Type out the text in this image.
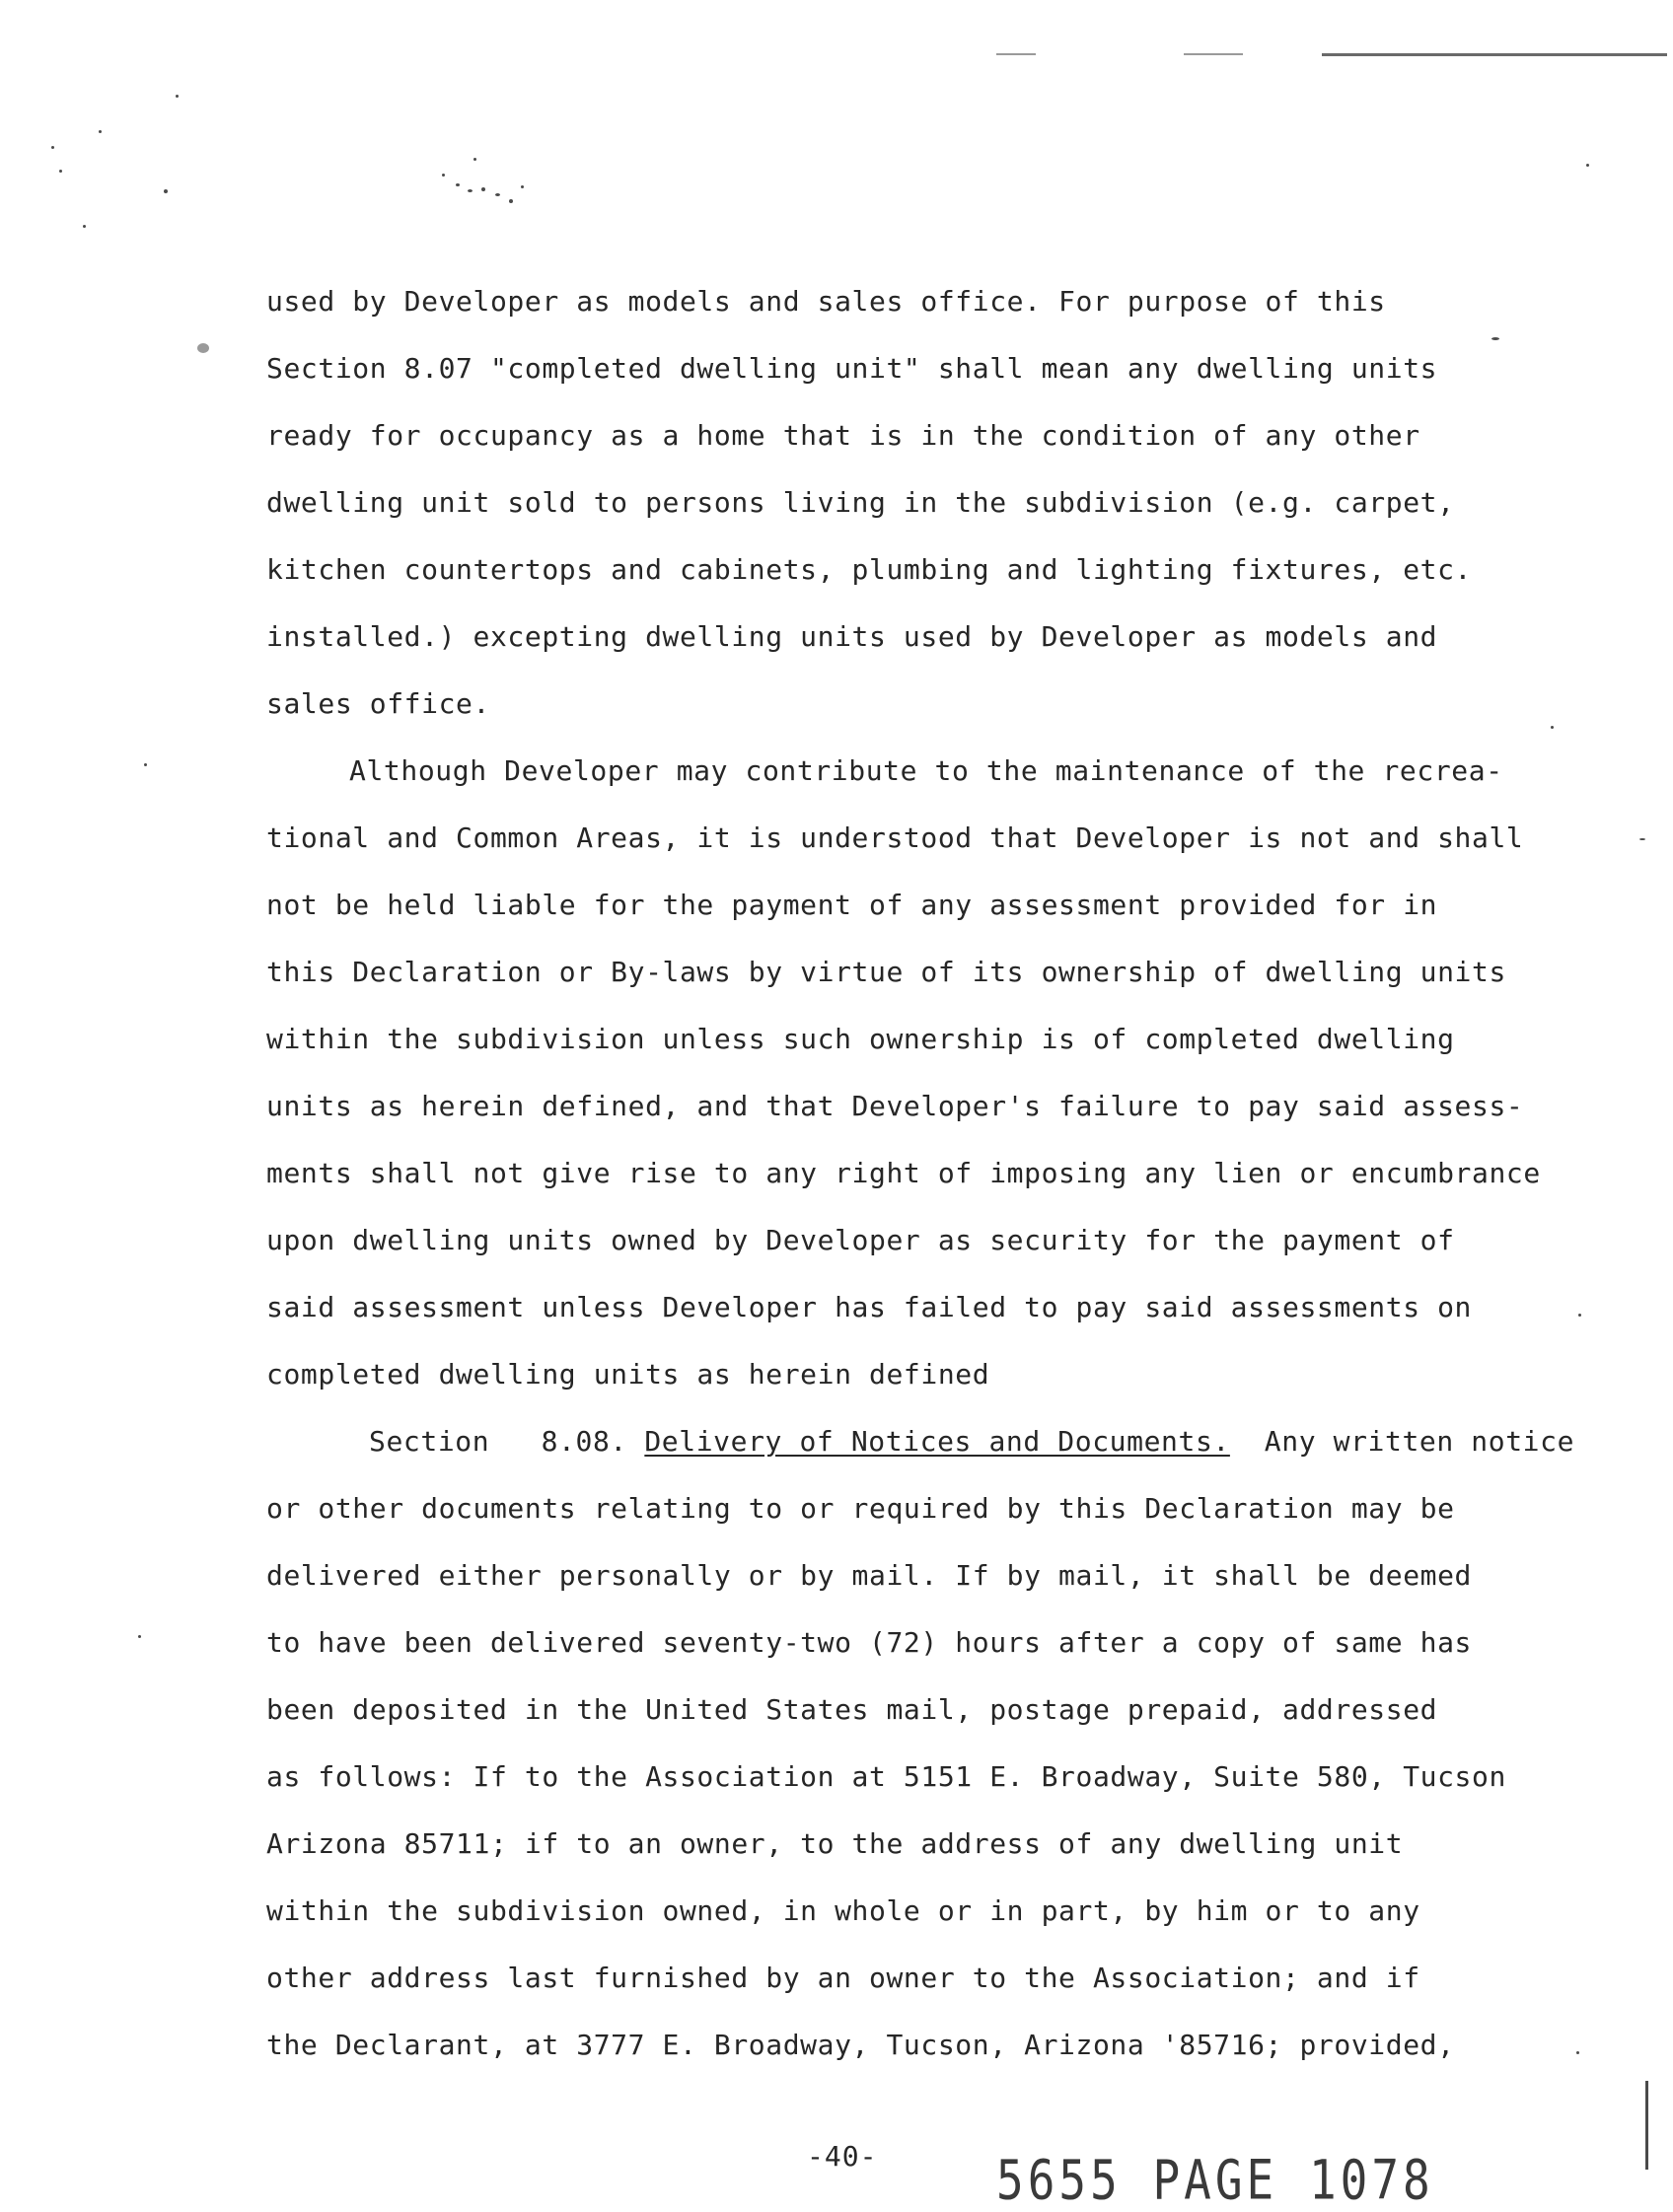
used by Developer as models and sales office. For purpose of this
Section 8.07 "completed dwelling unit" shall mean any dwelling units
ready for occupancy as a home that is in the condition of any other
dwelling unit sold to persons living in the subdivision (e.g. carpet,
kitchen countertops and cabinets, plumbing and lighting fixtures, etc.
installed.) excepting dwelling units used by Developer as models and
sales office.
Although Developer may contribute to the maintenance of the recrea-
tional and Common Areas, it is understood that Developer is not and shall
not be held liable for the payment of any assessment provided for in
this Declaration or By-laws by virtue of its ownership of dwelling units
within the subdivision unless such ownership is of completed dwelling
units as herein defined, and that Developer's failure to pay said assess-
ments shall not give rise to any right of imposing any lien or encumbrance
upon dwelling units owned by Developer as security for the payment of
said assessment unless Developer has failed to pay said assessments on
completed dwelling units as herein defined
Section   8.08. Delivery of Notices and Documents.  Any written notice
or other documents relating to or required by this Declaration may be
delivered either personally or by mail. If by mail, it shall be deemed
to have been delivered seventy-two (72) hours after a copy of same has
been deposited in the United States mail, postage prepaid, addressed
as follows: If to the Association at 5151 E. Broadway, Suite 580, Tucson
Arizona 85711; if to an owner, to the address of any dwelling unit
within the subdivision owned, in whole or in part, by him or to any
other address last furnished by an owner to the Association; and if
the Declarant, at 3777 E. Broadway, Tucson, Arizona '85716; provided,
-40-	5655 PAGE 1078
